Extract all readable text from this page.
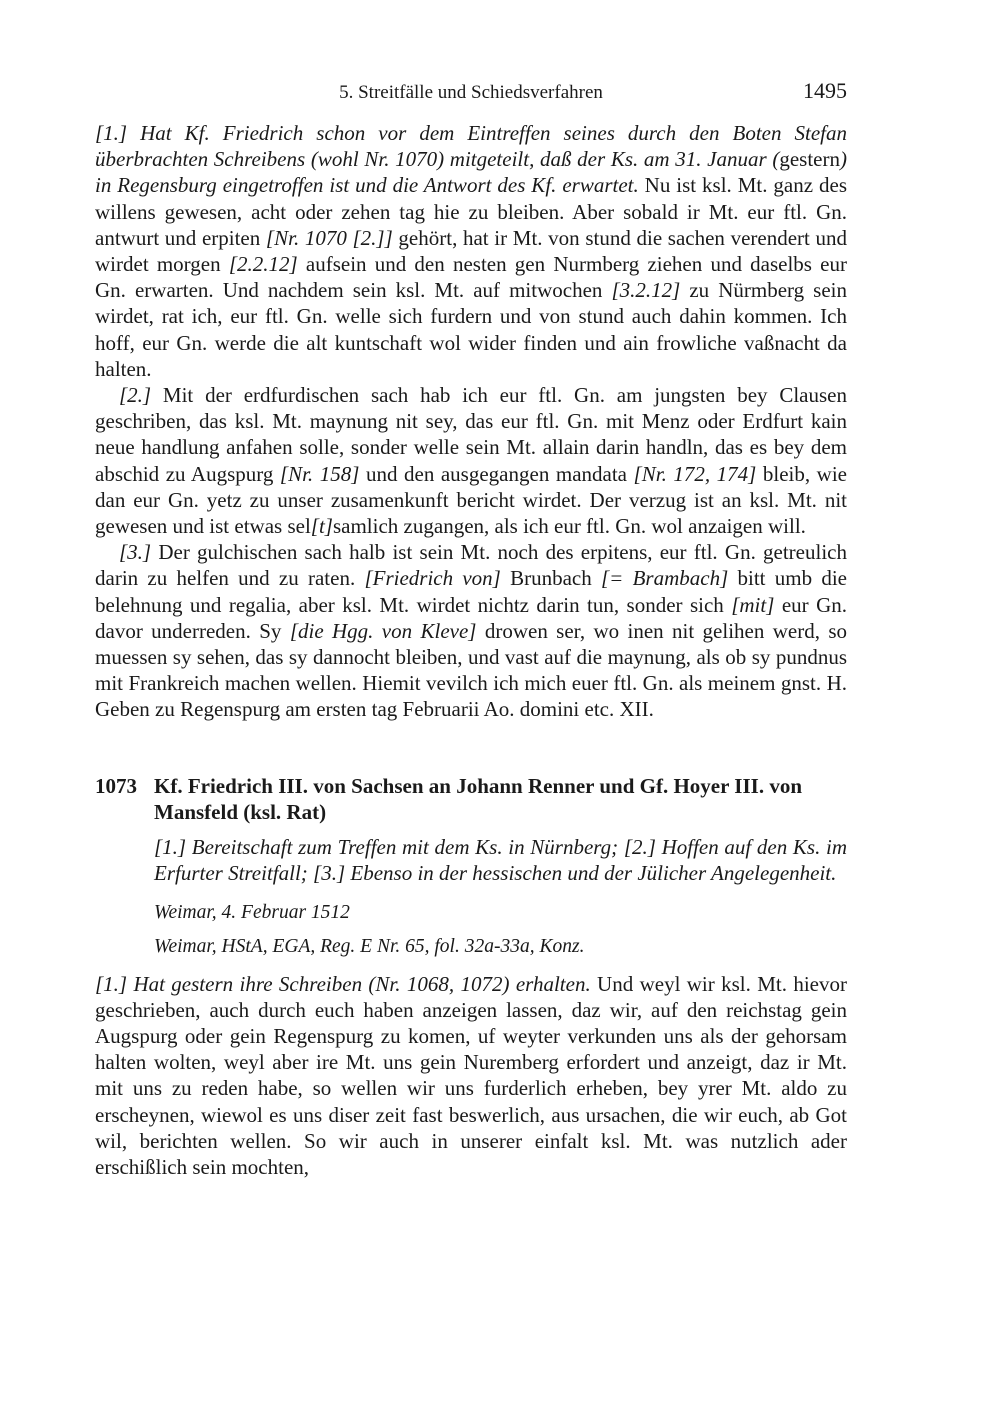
5. Streitfälle und Schiedsverfahren	1495

[1.] Hat Kf. Friedrich schon vor dem Eintreffen seines durch den Boten Stefan überbrachten Schreibens (wohl Nr. 1070) mitgeteilt, daß der Ks. am 31. Januar (gestern) in Regensburg eingetroffen ist und die Antwort des Kf. erwartet. Nu ist ksl. Mt. ganz des willens gewesen, acht oder zehen tag hie zu bleiben. Aber sobald ir Mt. eur ftl. Gn. antwurt und erpiten [Nr. 1070 [2.]] gehört, hat ir Mt. von stund die sachen verendert und wirdet morgen [2.2.12] aufsein und den nesten gen Nurmberg ziehen und daselbs eur Gn. erwarten. Und nachdem sein ksl. Mt. auf mitwochen [3.2.12] zu Nürmberg sein wirdet, rat ich, eur ftl. Gn. welle sich furdern und von stund auch dahin kommen. Ich hoff, eur Gn. werde die alt kuntschaft wol wider finden und ain frowliche vaßnacht da halten.

[2.] Mit der erdfurdischen sach hab ich eur ftl. Gn. am jungsten bey Clausen geschriben, das ksl. Mt. maynung nit sey, das eur ftl. Gn. mit Menz oder Erdfurt kain neue handlung anfahen solle, sonder welle sein Mt. allain darin handln, das es bey dem abschid zu Augspurg [Nr. 158] und den ausgegangen mandata [Nr. 172, 174] bleib, wie dan eur Gn. yetz zu unser zusamenkunft bericht wirdet. Der verzug ist an ksl. Mt. nit gewesen und ist etwas sel[t]samlich zugangen, als ich eur ftl. Gn. wol anzaigen will.

[3.] Der gulchischen sach halb ist sein Mt. noch des erpitens, eur ftl. Gn. getreulich darin zu helfen und zu raten. [Friedrich von] Brunbach [= Brambach] bitt umb die belehnung und regalia, aber ksl. Mt. wirdet nichtz darin tun, sonder sich [mit] eur Gn. davor underreden. Sy [die Hgg. von Kleve] drowen ser, wo inen nit gelihen werd, so muessen sy sehen, das sy dannocht bleiben, und vast auf die maynung, als ob sy pundnus mit Frankreich machen wellen. Hiemit vevilch ich mich euer ftl. Gn. als meinem gnst. H. Geben zu Regenspurg am ersten tag Februarii Ao. domini etc. XII.

1073 Kf. Friedrich III. von Sachsen an Johann Renner und Gf. Hoyer III. von Mansfeld (ksl. Rat)

[1.] Bereitschaft zum Treffen mit dem Ks. in Nürnberg; [2.] Hoffen auf den Ks. im Erfurter Streitfall; [3.] Ebenso in der hessischen und der Jülicher Angelegenheit.

Weimar, 4. Februar 1512

Weimar, HStA, EGA, Reg. E Nr. 65, fol. 32a-33a, Konz.

[1.] Hat gestern ihre Schreiben (Nr. 1068, 1072) erhalten. Und weyl wir ksl. Mt. hievor geschrieben, auch durch euch haben anzeigen lassen, daz wir, auf den reichstag gein Augspurg oder gein Regenspurg zu komen, uf weyter verkunden uns als der gehorsam halten wolten, weyl aber ire Mt. uns gein Nuremberg erfordert und anzeigt, daz ir Mt. mit uns zu reden habe, so wellen wir uns furderlich erheben, bey yrer Mt. aldo zu erscheynen, wiewol es uns diser zeit fast beswerlich, aus ursachen, die wir euch, ab Got wil, berichten wellen. So wir auch in unserer einfalt ksl. Mt. was nutzlich ader erschißlich sein mochten,
